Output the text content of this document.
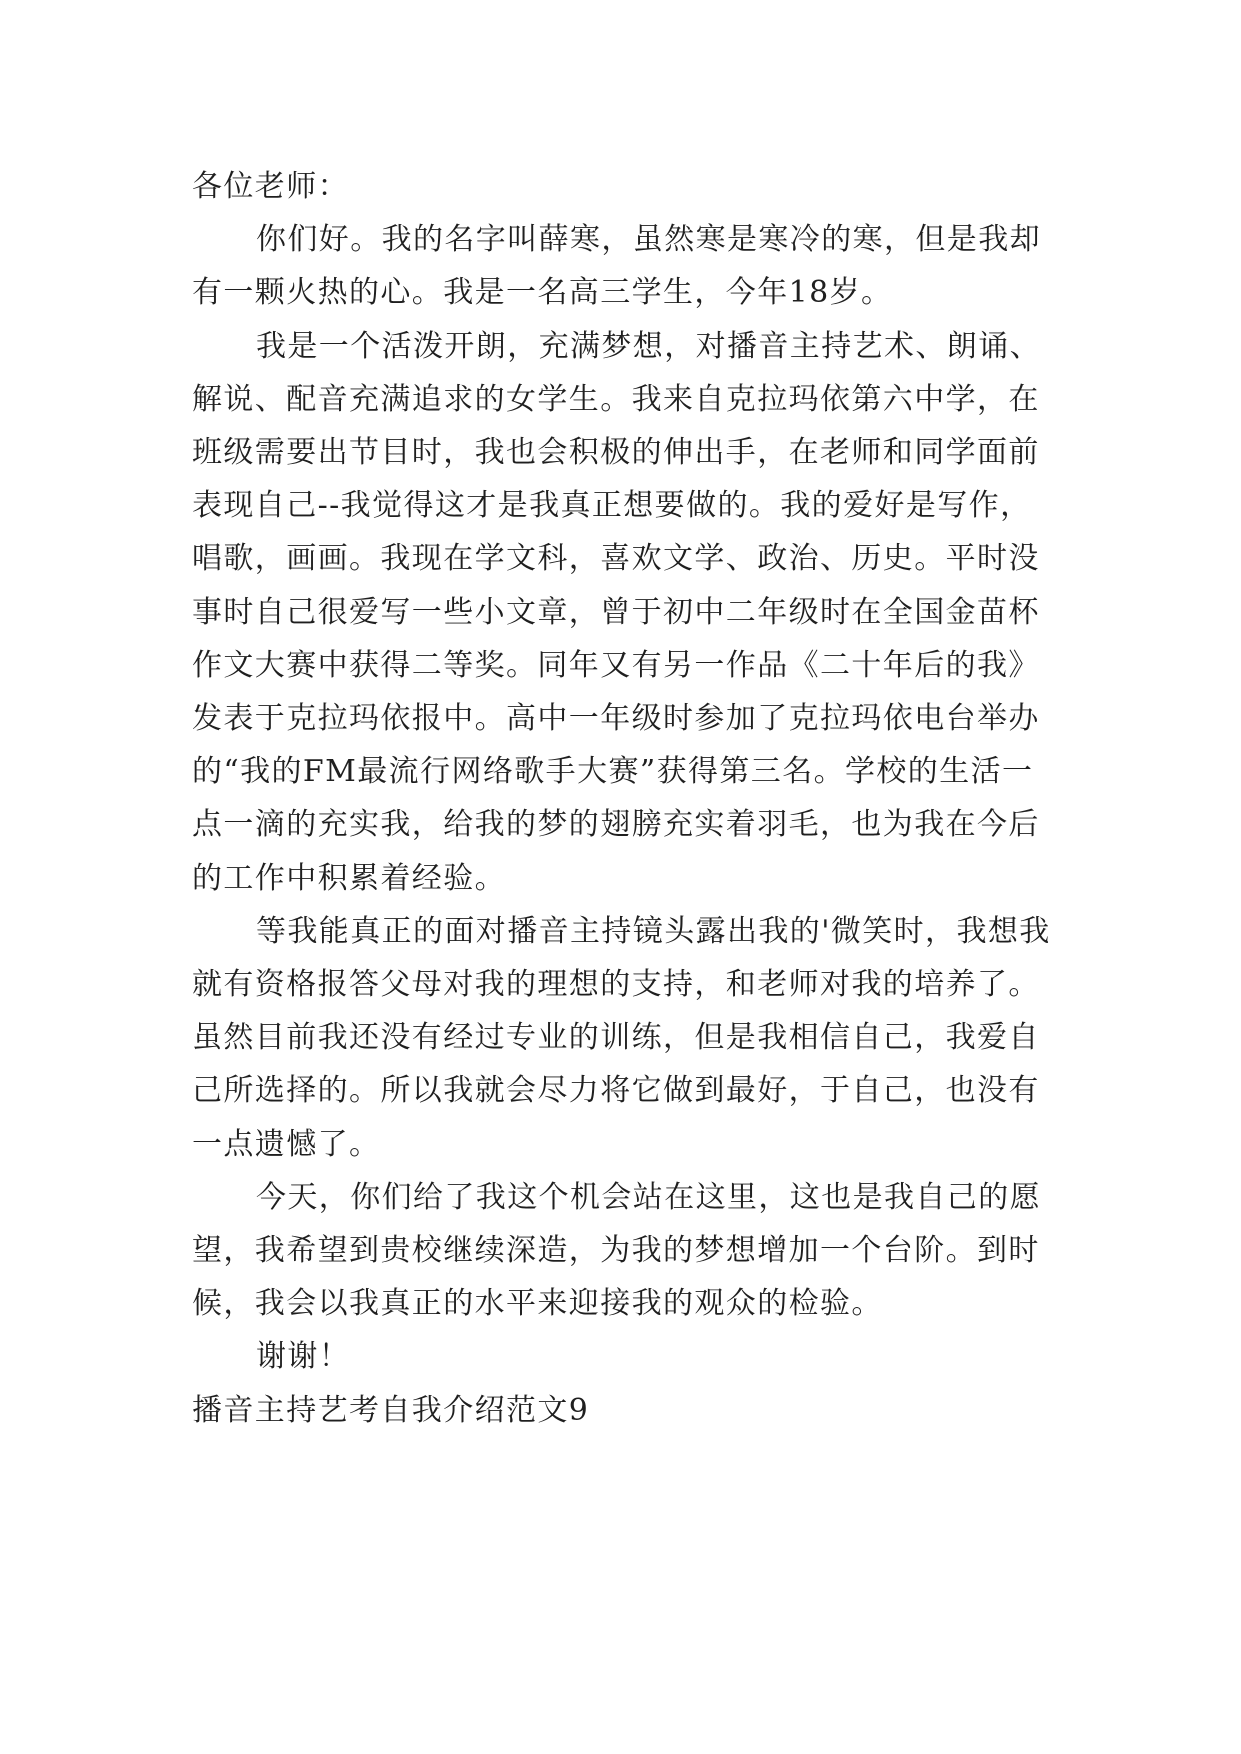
各位老师：

你们好。我的名字叫薛寒，虽然寒是寒冷的寒，但是我却有一颗火热的心。我是一名高三学生，今年18岁。

我是一个活泼开朗，充满梦想，对播音主持艺术、朗诵、解说、配音充满追求的女学生。我来自克拉玛依第六中学，在班级需要出节目时，我也会积极的伸出手，在老师和同学面前表现自己--我觉得这才是我真正想要做的。我的爱好是写作，唱歌，画画。我现在学文科，喜欢文学、政治、历史。平时没事时自己很爱写一些小文章，曾于初中二年级时在全国金苗杯作文大赛中获得二等奖。同年又有另一作品《二十年后的我》发表于克拉玛依报中。高中一年级时参加了克拉玛依电台举办的“我的FM最流行网络歌手大赛”获得第三名。学校的生活一点一滴的充实我，给我的梦的翅膀充实着羽毛，也为我在今后的工作中积累着经验。

等我能真正的面对播音主持镜头露出我的'微笑时，我想我就有资格报答父母对我的理想的支持，和老师对我的培养了。虽然目前我还没有经过专业的训练，但是我相信自己，我爱自己所选择的。所以我就会尽力将它做到最好，于自己，也没有一点遗憾了。

今天，你们给了我这个机会站在这里，这也是我自己的愿望，我希望到贵校继续深造，为我的梦想增加一个台阶。到时候，我会以我真正的水平来迎接我的观众的检验。

谢谢！

播音主持艺考自我介绍范文9
